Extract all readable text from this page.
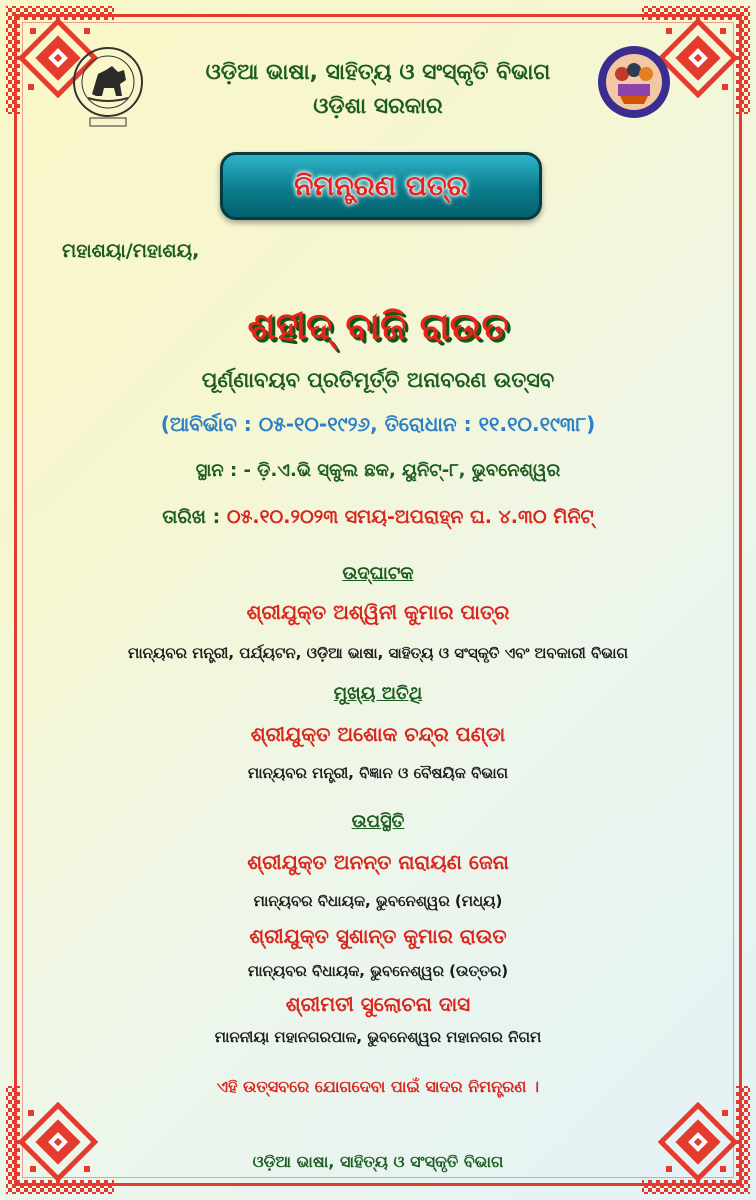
ଓଡ଼ିଆ ଭାଷା, ସାହିତ୍ୟ ଓ ସଂସ୍କୃତି ବିଭାଗ
ଓଡ଼ିଶା ସରକାର
ନିମନ୍ତ୍ରଣ ପତ୍ର
ମହାଶୟା/ମହାଶୟ,
ଶହୀଦ୍ ବାଜି ରାଉତ
ପୂର୍ଣ୍ଣାବୟବ ପ୍ରତିମୂର୍ତ୍ତି ଅନାବରଣ ଉତ୍ସବ
(ଆବିର୍ଭାବ : ୦୫-୧୦-୧୯୨୬, ତିରୋଧାନ : ୧୧.୧୦.୧୯୩୮)
ସ୍ଥାନ : - ଡ଼ି.ଏ.ଭି ସ୍କୁଲ ଛକ, ୟୁନିଟ୍-୮, ଭୁବନେଶ୍ୱର
ତାରିଖ : ୦୫.୧୦.୨୦୨୩ ସମୟ-ଅପରାହ୍ନ ଘ. ୪.୩୦ ମିନିଟ୍
ଉଦ୍‌ଘାଟକ
ଶ୍ରୀଯୁକ୍ତ ଅଶ୍ୱିନୀ କୁମାର ପାତ୍ର
ମାନ୍ୟବର ମନ୍ତ୍ରୀ, ପର୍ଯ୍ୟଟନ, ଓଡ଼ିଆ ଭାଷା, ସାହିତ୍ୟ ଓ ସଂସ୍କୃତି ଏବଂ ଅବକାରୀ ବିଭାଗ
ମୁଖ୍ୟ ଅତିଥି
ଶ୍ରୀଯୁକ୍ତ ଅଶୋକ ଚନ୍ଦ୍ର ପଣ୍ଡା
ମାନ୍ୟବର ମନ୍ତ୍ରୀ, ବିଜ୍ଞାନ ଓ ବୈଷୟିକ ବିଭାଗ
ଉପସ୍ଥିତି
ଶ୍ରୀଯୁକ୍ତ ଅନନ୍ତ ନାରାୟଣ ଜେନା
ମାନ୍ୟବର ବିଧାୟକ, ଭୁବନେଶ୍ୱର (ମଧ୍ୟ)
ଶ୍ରୀଯୁକ୍ତ ସୁଶାନ୍ତ କୁମାର ରାଉତ
ମାନ୍ୟବର ବିଧାୟକ, ଭୁବନେଶ୍ୱର (ଉତ୍ତର)
ଶ୍ରୀମତୀ ସୁଲୋଚନା ଦାସ
ମାନନୀୟା ମହାନଗରପାଳ, ଭୁବନେଶ୍ୱର ମହାନଗର ନିଗମ
ଏହି ଉତ୍ସବରେ ଯୋଗଦେବା ପାଇଁ ସାଦର ନିମନ୍ତ୍ରଣ ।
ଓଡ଼ିଆ ଭାଷା, ସାହିତ୍ୟ ଓ ସଂସ୍କୃତି ବିଭାଗ
